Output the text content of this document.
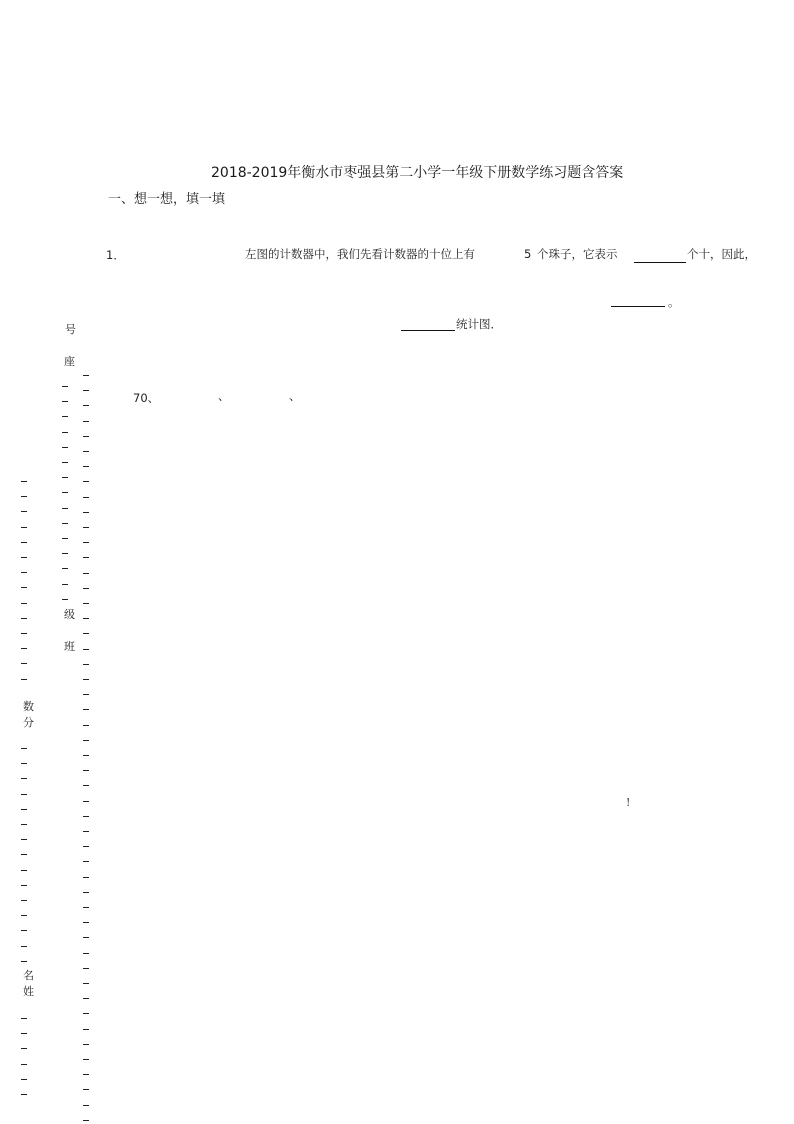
2018-2019年衡水市枣强县第二小学一年级下册数学练习题含答案
一、想一想，填一填
1．	左图的计数器中，我们先看计数器的十位上有	5 个珠子，它表示	个十，因此，
。
统计图．
70、	、	、
!
号
座
级
班
数
分
名
姓
